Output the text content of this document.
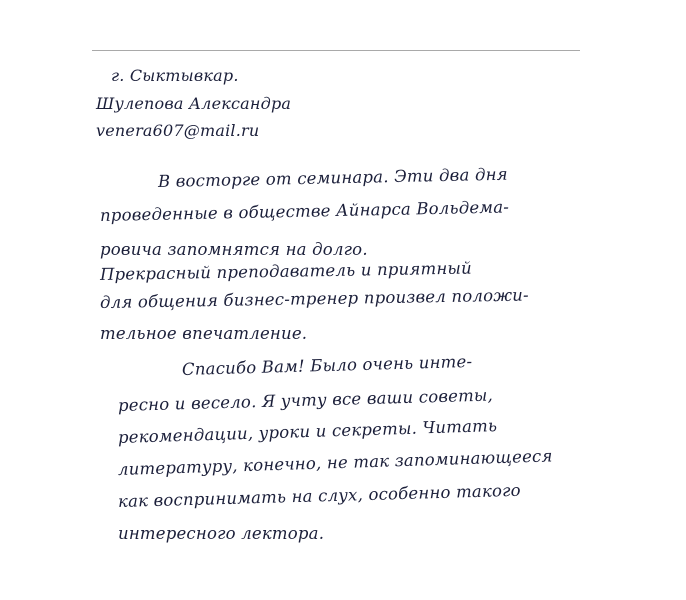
г. Сыктывкар.
Шулепова Александра
venera607@mail.ru
В восторге от семинара. Эти два дня
проведенные в обществе Айнарса Вольдема-
ровича запомнятся на долго.
Прекрасный преподаватель и приятный
для общения бизнес-тренер произвел положи-
тельное впечатление.
Спасибо Вам! Было очень инте-
ресно и весело. Я учту все ваши советы,
рекомендации, уроки и секреты. Читать
литературу, конечно, не так запоминающееся
как воспринимать на слух, особенно такого
интересного лектора.
